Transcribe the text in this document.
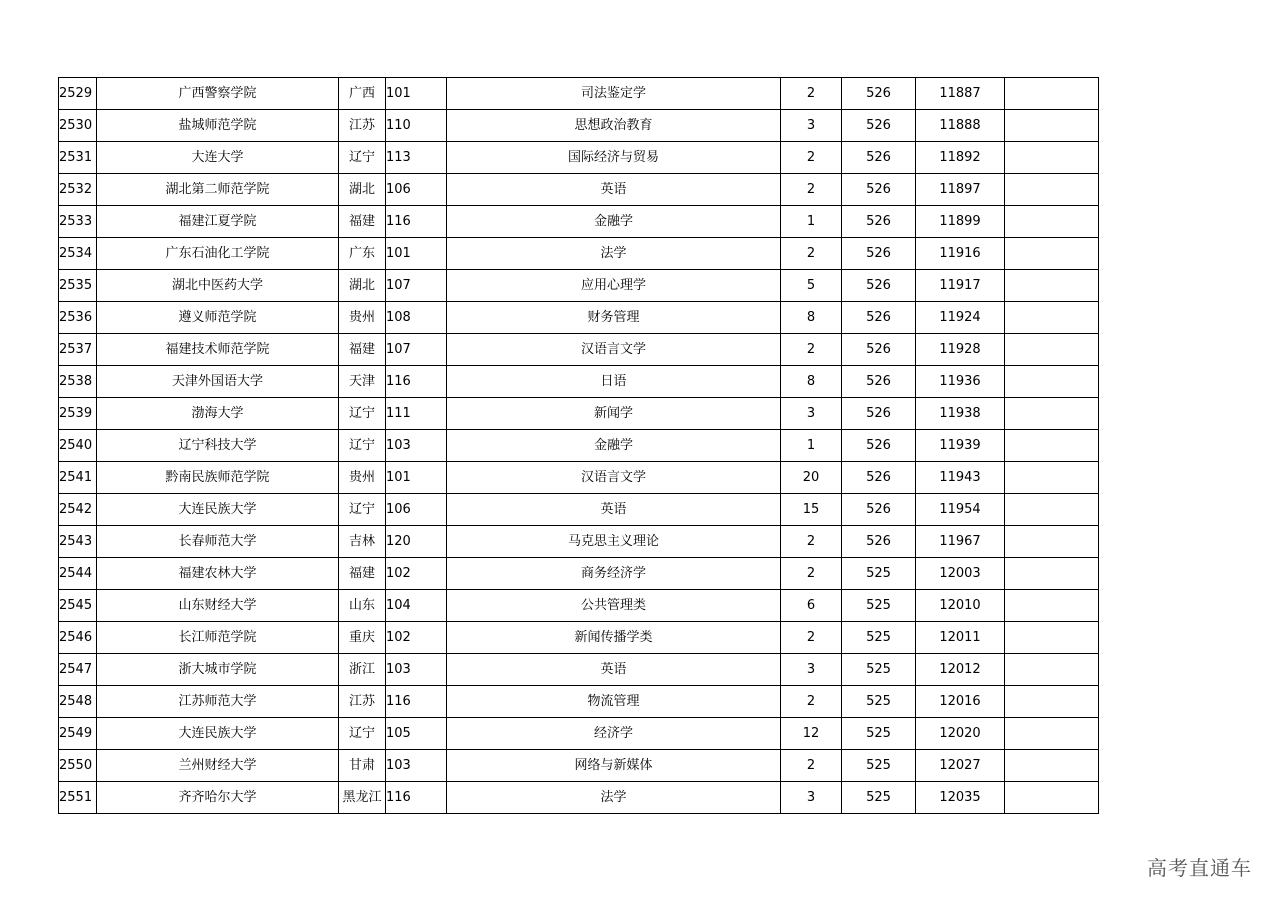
2529	广西警察学院	广西	101	司法鉴定学	2	526	11887	
2530	盐城师范学院	江苏	110	思想政治教育	3	526	11888	
2531	大连大学	辽宁	113	国际经济与贸易	2	526	11892	
2532	湖北第二师范学院	湖北	106	英语	2	526	11897	
2533	福建江夏学院	福建	116	金融学	1	526	11899	
2534	广东石油化工学院	广东	101	法学	2	526	11916	
2535	湖北中医药大学	湖北	107	应用心理学	5	526	11917	
2536	遵义师范学院	贵州	108	财务管理	8	526	11924	
2537	福建技术师范学院	福建	107	汉语言文学	2	526	11928	
2538	天津外国语大学	天津	116	日语	8	526	11936	
2539	渤海大学	辽宁	111	新闻学	3	526	11938	
2540	辽宁科技大学	辽宁	103	金融学	1	526	11939	
2541	黔南民族师范学院	贵州	101	汉语言文学	20	526	11943	
2542	大连民族大学	辽宁	106	英语	15	526	11954	
2543	长春师范大学	吉林	120	马克思主义理论	2	526	11967	
2544	福建农林大学	福建	102	商务经济学	2	525	12003	
2545	山东财经大学	山东	104	公共管理类	6	525	12010	
2546	长江师范学院	重庆	102	新闻传播学类	2	525	12011	
2547	浙大城市学院	浙江	103	英语	3	525	12012	
2548	江苏师范大学	江苏	116	物流管理	2	525	12016	
2549	大连民族大学	辽宁	105	经济学	12	525	12020	
2550	兰州财经大学	甘肃	103	网络与新媒体	2	525	12027	
2551	齐齐哈尔大学	黑龙江	116	法学	3	525	12035	
高考直通车
